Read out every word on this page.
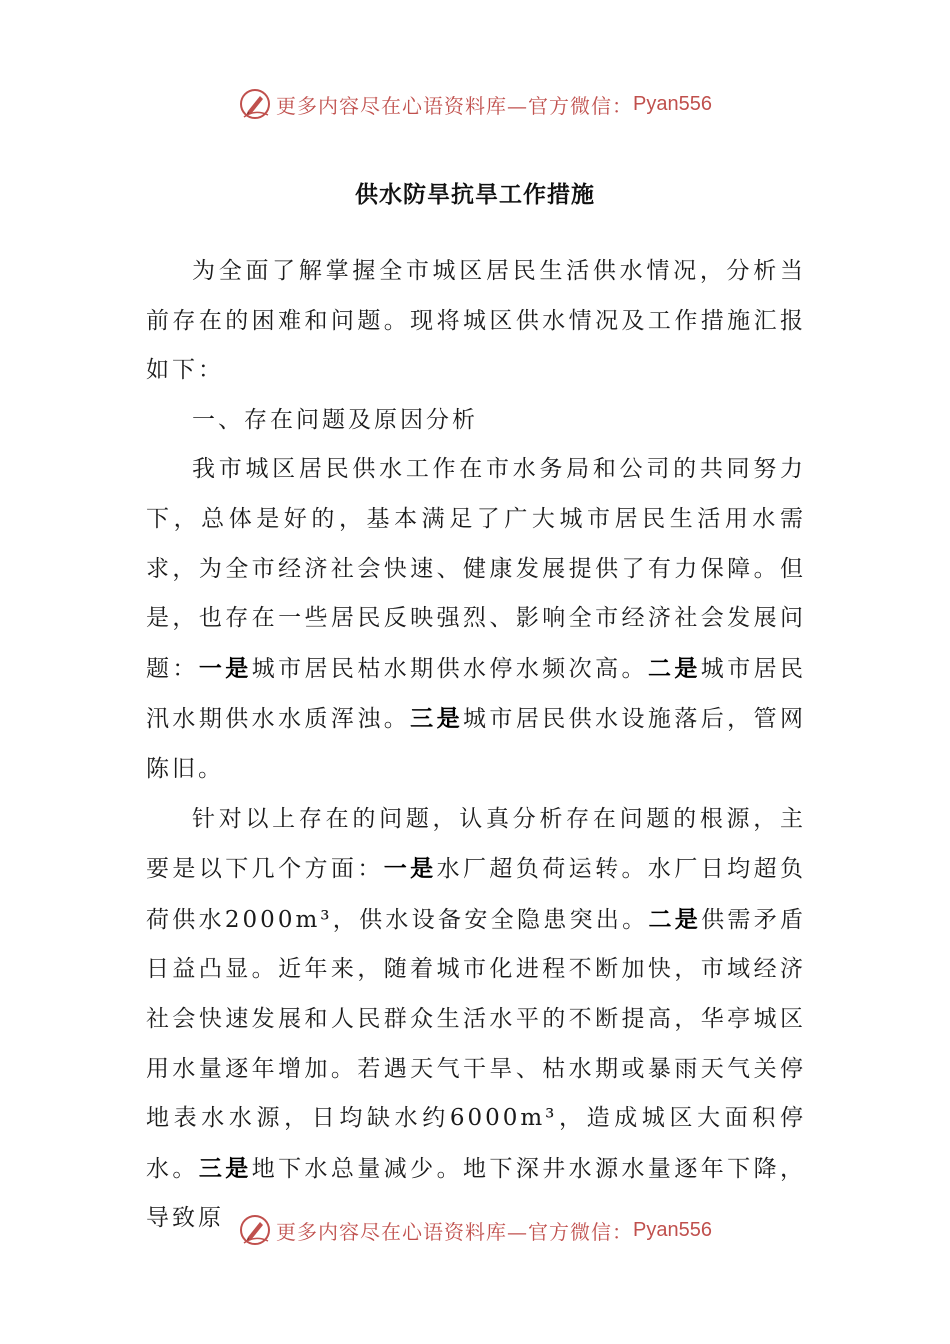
更多内容尽在心语资料库—官方微信： Pyan556
供水防旱抗旱工作措施

为全面了解掌握全市城区居民生活供水情况，分析当前存在的困难和问题。现将城区供水情况及工作措施汇报如下：

一、存在问题及原因分析

我市城区居民供水工作在市水务局和公司的共同努力下，总体是好的，基本满足了广大城市居民生活用水需求，为全市经济社会快速、健康发展提供了有力保障。但是，也存在一些居民反映强烈、影响全市经济社会发展问题：一是城市居民枯水期供水停水频次高。二是城市居民汛水期供水水质浑浊。三是城市居民供水设施落后，管网陈旧。

针对以上存在的问题，认真分析存在问题的根源，主要是以下几个方面：一是水厂超负荷运转。水厂日均超负荷供水2000m³，供水设备安全隐患突出。二是供需矛盾日益凸显。近年来，随着城市化进程不断加快，市域经济社会快速发展和人民群众生活水平的不断提高，华亭城区用水量逐年增加。若遇天气干旱、枯水期或暴雨天气关停地表水水源，日均缺水约6000m³，造成城区大面积停水。三是地下水总量减少。地下深井水源水量逐年下降，导致原

更多内容尽在心语资料库—官方微信： Pyan556
